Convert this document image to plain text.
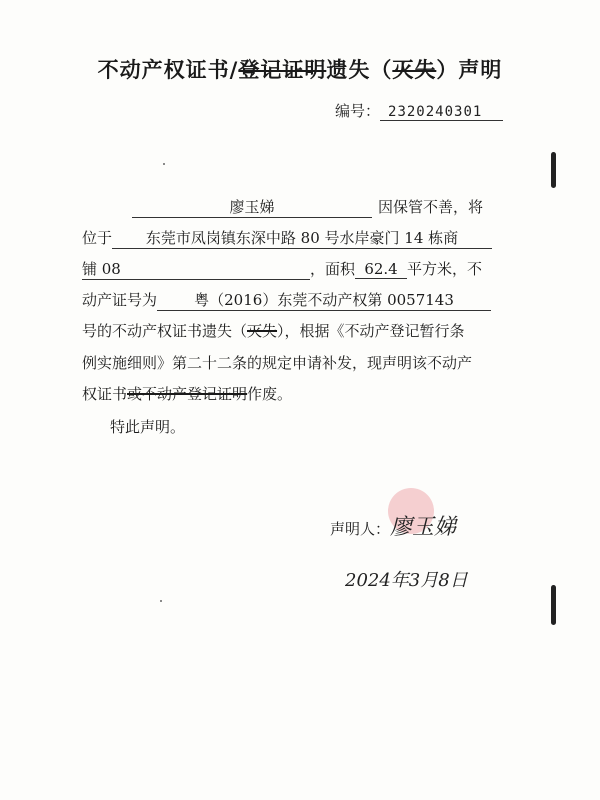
不动产权证书/登记证明遗失（灭失）声明
编号： 2320240301
廖玉娣	因保管不善，将
位于 东莞市凤岗镇东深中路 80 号水岸豪门 14 栋商
铺 08	，面积 62.4 平方米，不
动产证号为 粤（2016）东莞不动产权第 0057143
号的不动产权证书遗失（灭失），根据《不动产登记暂行条
例实施细则》第二十二条的规定申请补发，现声明该不动产
权证书或不动产登记证明作废。
特此声明。
声明人：廖玉娣
2024年3月8日
